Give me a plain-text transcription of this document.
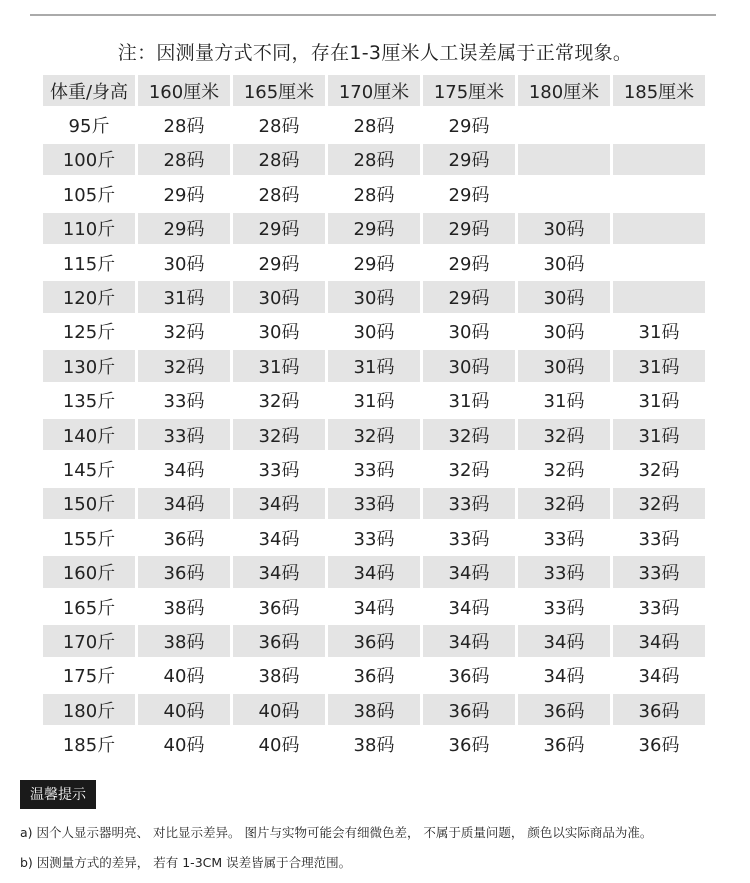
注：因测量方式不同，存在1-3厘米人工误差属于正常现象。
体重/身高	160厘米	165厘米	170厘米	175厘米	180厘米	185厘米
95斤	28码	28码	28码	29码		
100斤	28码	28码	28码	29码		
105斤	29码	28码	28码	29码		
110斤	29码	29码	29码	29码	30码	
115斤	30码	29码	29码	29码	30码	
120斤	31码	30码	30码	29码	30码	
125斤	32码	30码	30码	30码	30码	31码
130斤	32码	31码	31码	30码	30码	31码
135斤	33码	32码	31码	31码	31码	31码
140斤	33码	32码	32码	32码	32码	31码
145斤	34码	33码	33码	32码	32码	32码
150斤	34码	34码	33码	33码	32码	32码
155斤	36码	34码	33码	33码	33码	33码
160斤	36码	34码	34码	34码	33码	33码
165斤	38码	36码	34码	34码	33码	33码
170斤	38码	36码	36码	34码	34码	34码
175斤	40码	38码	36码	36码	34码	34码
180斤	40码	40码	38码	36码	36码	36码
185斤	40码	40码	38码	36码	36码	36码
温馨提示
a) 因个人显示器明亮、 对比显示差异。 图片与实物可能会有细微色差， 不属于质量问题， 颜色以实际商品为准。
b) 因测量方式的差异， 若有 1-3CM 误差皆属于合理范围。
